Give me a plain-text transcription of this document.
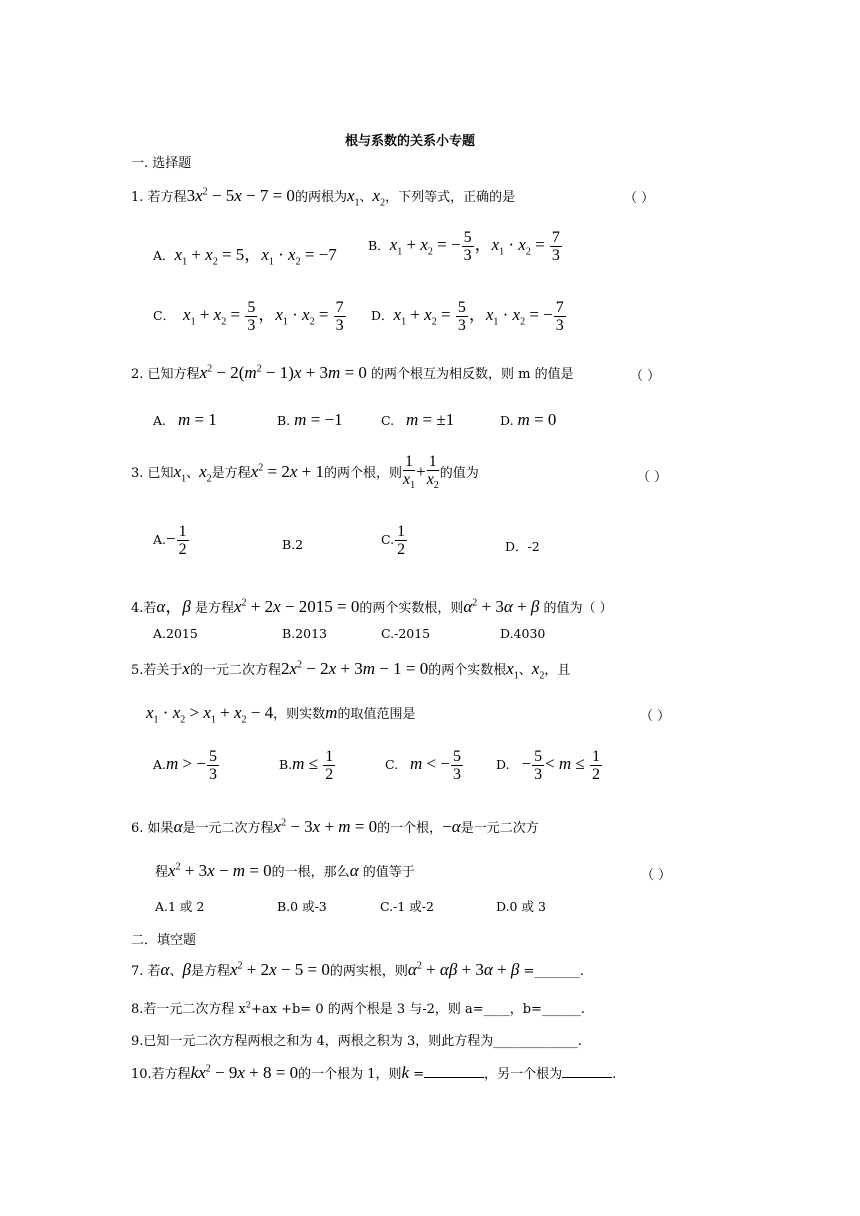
根与系数的关系小专题
一. 选择题
1. 若方程$3x^2 - 5x - 7 = 0$的两根为$x_1$、$x_2$，下列等式，正确的是	（ ）
A．$x_1 + x_2 = 5$，$x_1 \cdot x_2 = -7$ B．$x_1 + x_2$ = − $\frac{5}{3}$ ，$x_1 \cdot x_2 = \frac{7}{3}$
C． $x_1 + x_2 = \frac{5}{3}$ ，$x_1 \cdot x_2 = \frac{7}{3}$ D．$x_1 + x_2 = \frac{5}{3}$ ，$x_1 \cdot x_2$ = − $\frac{7}{3}$
2. 已知方程$x^2 - 2(m^2 - 1)x + 3m = 0$ 的两个根互为相反数，则 m 的值是	（ ）
A. m = 1	B. m = −1	C. m = ±1	D. m = 0
3. 已知$x_1$、$x_2$是方程$x^2 = 2x + 1$的两个根，则 $\frac{1}{x_1} + \frac{1}{x_2}$ 的值为	（ ）
$A.- \frac{1}{2}$	B.2	C. $\frac{1}{2}$	D．-2
4.若α，β 是方程$x^2 + 2x - 2015 = 0$的两个实数根，则$\alpha^2 + 3\alpha + \beta$ 的值为（ ）
A.2015	B.2013	C.-2015	D.4030
5.若关于x的一元二次方程$2x^2 - 2x + 3m - 1 = 0$的两个实数根$x_1$、$x_2$，且
$x_1 \cdot x_2 > x_1 + x_2 - 4$，则实数m的取值范围是	（ ）
A.m > − $\frac{5}{3}$	$B.m \le \frac{1}{2}$	C. m < − $\frac{5}{3}$	D. − $\frac{5}{3} < m \le \frac{1}{2}$
6. 如果α是一元二次方程$x^2 - 3x + m = 0$的一个根，−α是一元二次方
程$x^2 + 3x - m = 0$的一根，那么α 的值等于	（ ）
A.1 或 2	B.0 或-3	C.-1 或-2	D.0 或 3
二．填空题
7. 若α、β是方程$x^2 + 2x - 5 = 0$的两实根，则$\alpha^2 + \alpha\beta + 3\alpha + \beta$ =_______.
8.若一元二次方程 $x^2+ax +b= 0$ 的两个根是 3 与-2，则 a=____，b=______.
9.已知一元二次方程两根之和为 4，两根之积为 3，则此方程为_____________.
10.若方程$kx^2 - 9x + 8 = 0$的一个根为 1，则k =	，另一个根为	.
